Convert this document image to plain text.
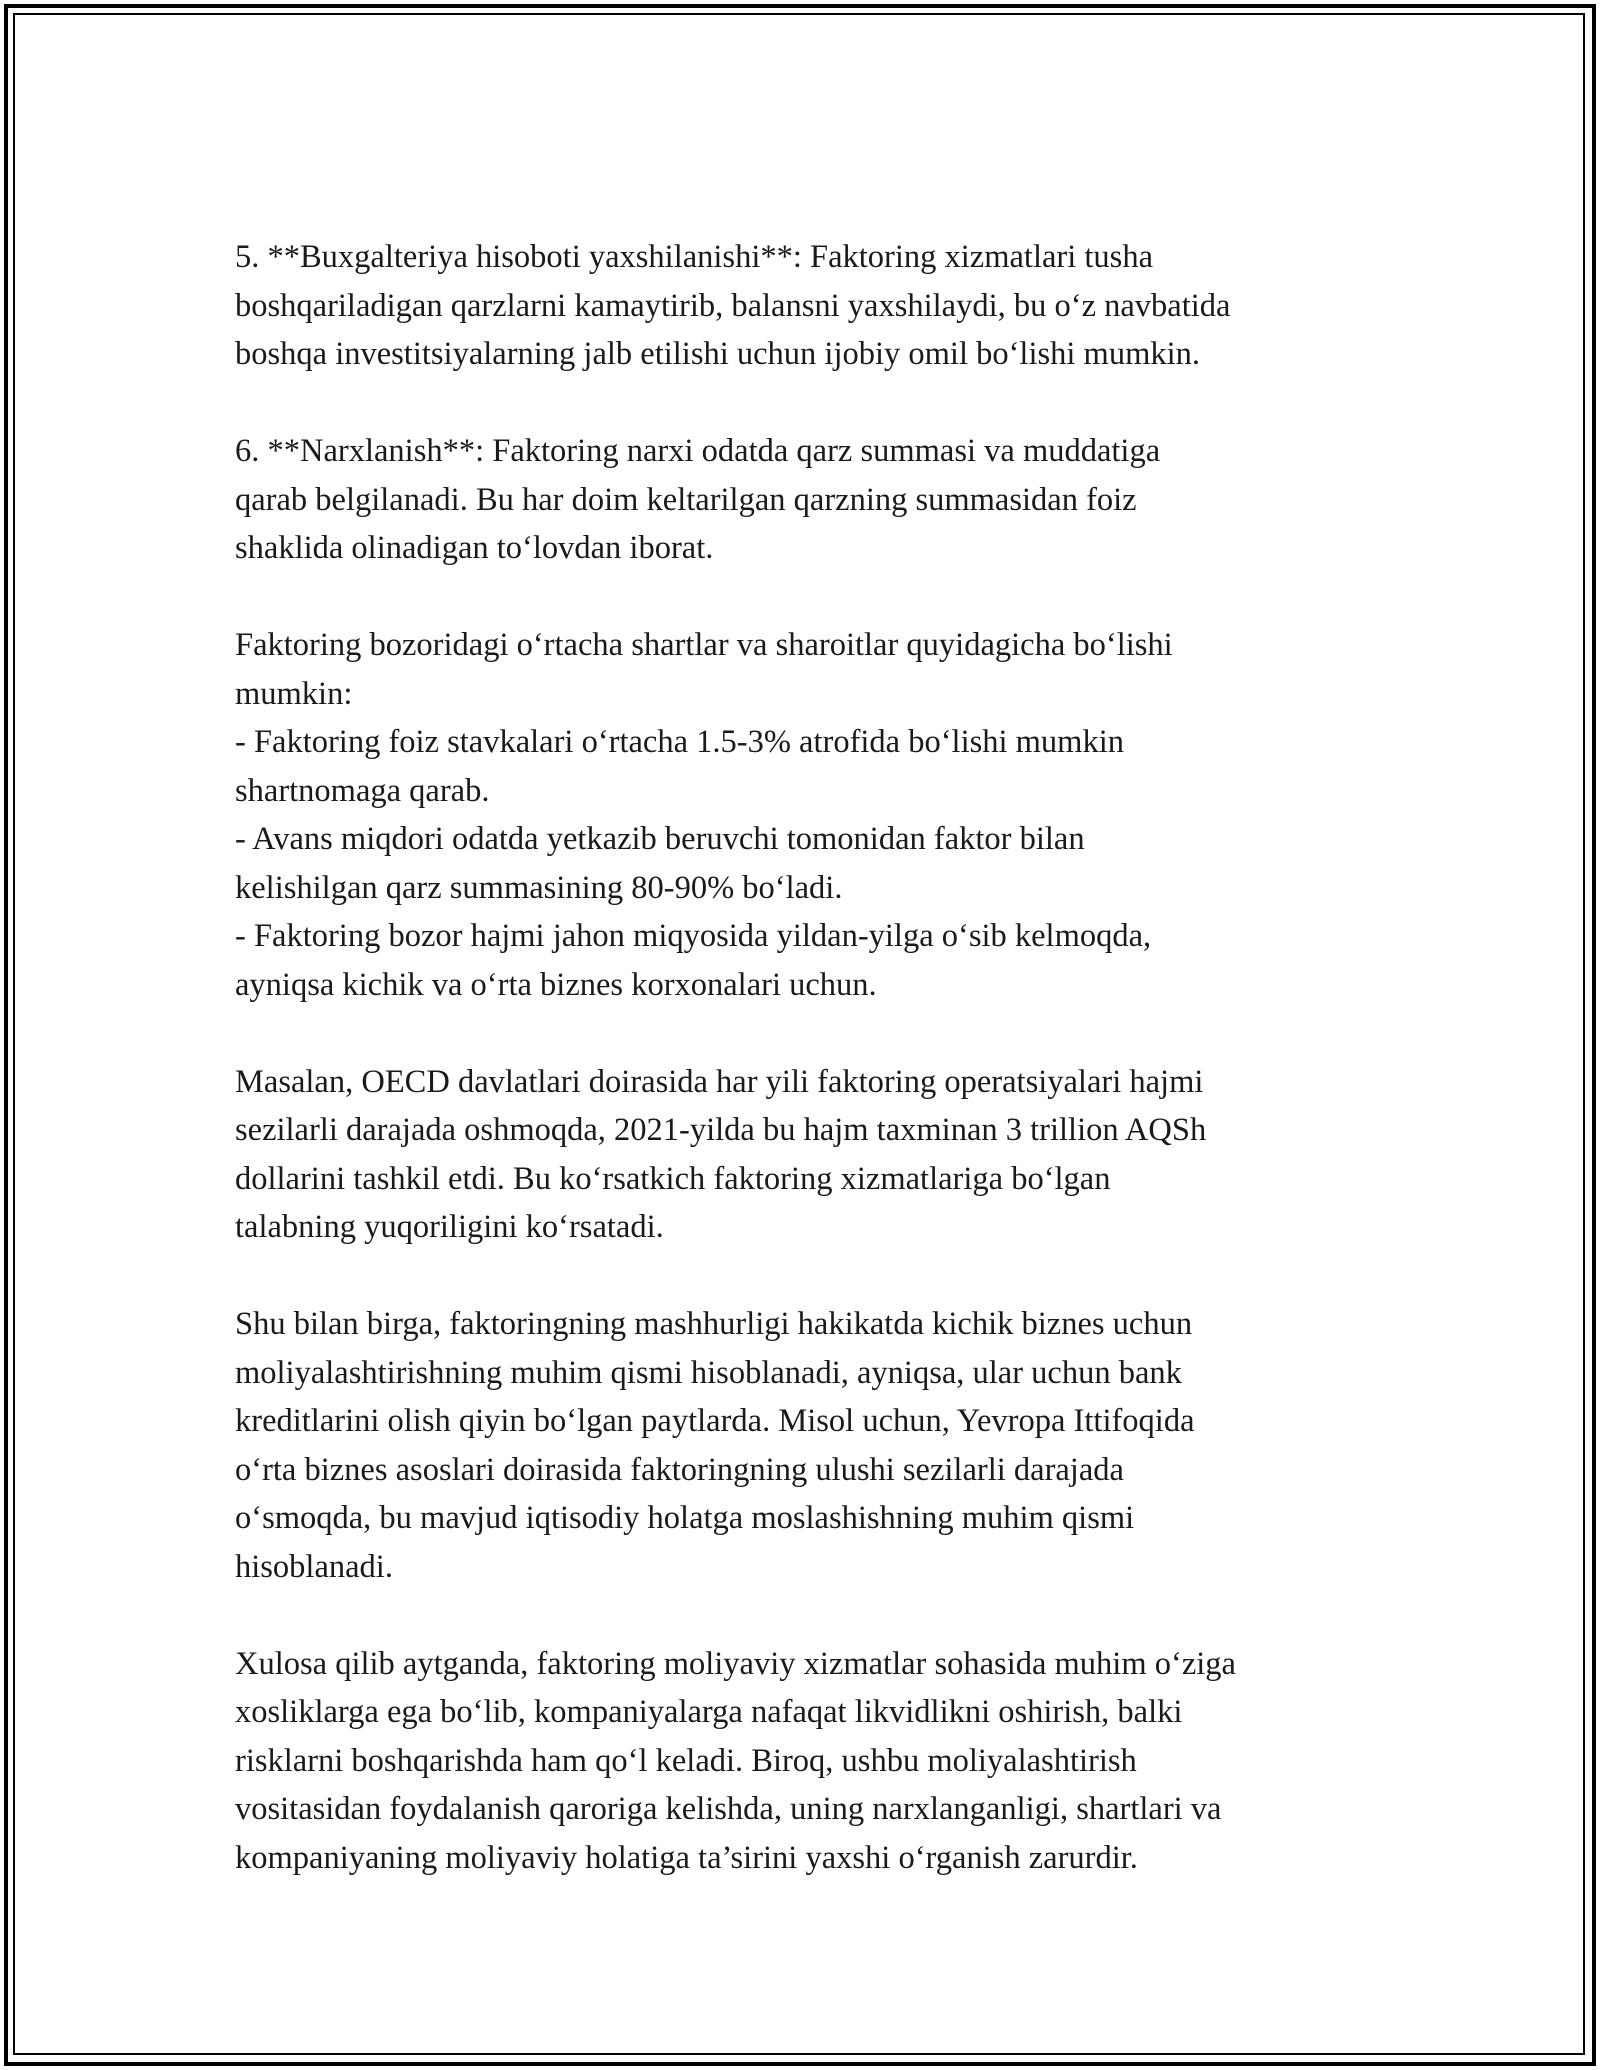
5. **Buxgalteriya hisoboti yaxshilanishi**: Faktoring xizmatlari tusha
boshqariladigan qarzlarni kamaytirib, balansni yaxshilaydi, bu o‘z navbatida
boshqa investitsiyalarning jalb etilishi uchun ijobiy omil bo‘lishi mumkin.

6. **Narxlanish**: Faktoring narxi odatda qarz summasi va muddatiga
qarab belgilanadi. Bu har doim keltarilgan qarzning summasidan foiz
shaklida olinadigan to‘lovdan iborat.

Faktoring bozoridagi o‘rtacha shartlar va sharoitlar quyidagicha bo‘lishi
mumkin:
- Faktoring foiz stavkalari o‘rtacha 1.5-3% atrofida bo‘lishi mumkin
shartnomaga qarab.
- Avans miqdori odatda yetkazib beruvchi tomonidan faktor bilan
kelishilgan qarz summasining 80-90% bo‘ladi.
- Faktoring bozor hajmi jahon miqyosida yildan-yilga o‘sib kelmoqda,
ayniqsa kichik va o‘rta biznes korxonalari uchun.

Masalan, OECD davlatlari doirasida har yili faktoring operatsiyalari hajmi
sezilarli darajada oshmoqda, 2021-yilda bu hajm taxminan 3 trillion AQSh
dollarini tashkil etdi. Bu ko‘rsatkich faktoring xizmatlariga bo‘lgan
talabning yuqoriligini ko‘rsatadi.

Shu bilan birga, faktoringning mashhurligi hakikatda kichik biznes uchun
moliyalashtirishning muhim qismi hisoblanadi, ayniqsa, ular uchun bank
kreditlarini olish qiyin bo‘lgan paytlarda. Misol uchun, Yevropa Ittifoqida
o‘rta biznes asoslari doirasida faktoringning ulushi sezilarli darajada
o‘smoqda, bu mavjud iqtisodiy holatga moslashishning muhim qismi
hisoblanadi.

Xulosa qilib aytganda, faktoring moliyaviy xizmatlar sohasida muhim o‘ziga
xosliklarga ega bo‘lib, kompaniyalarga nafaqat likvidlikni oshirish, balki
risklarni boshqarishda ham qo‘l keladi. Biroq, ushbu moliyalashtirish
vositasidan foydalanish qaroriga kelishda, uning narxlanganligi, shartlari va
kompaniyaning moliyaviy holatiga ta’sirini yaxshi o‘rganish zarurdir.
